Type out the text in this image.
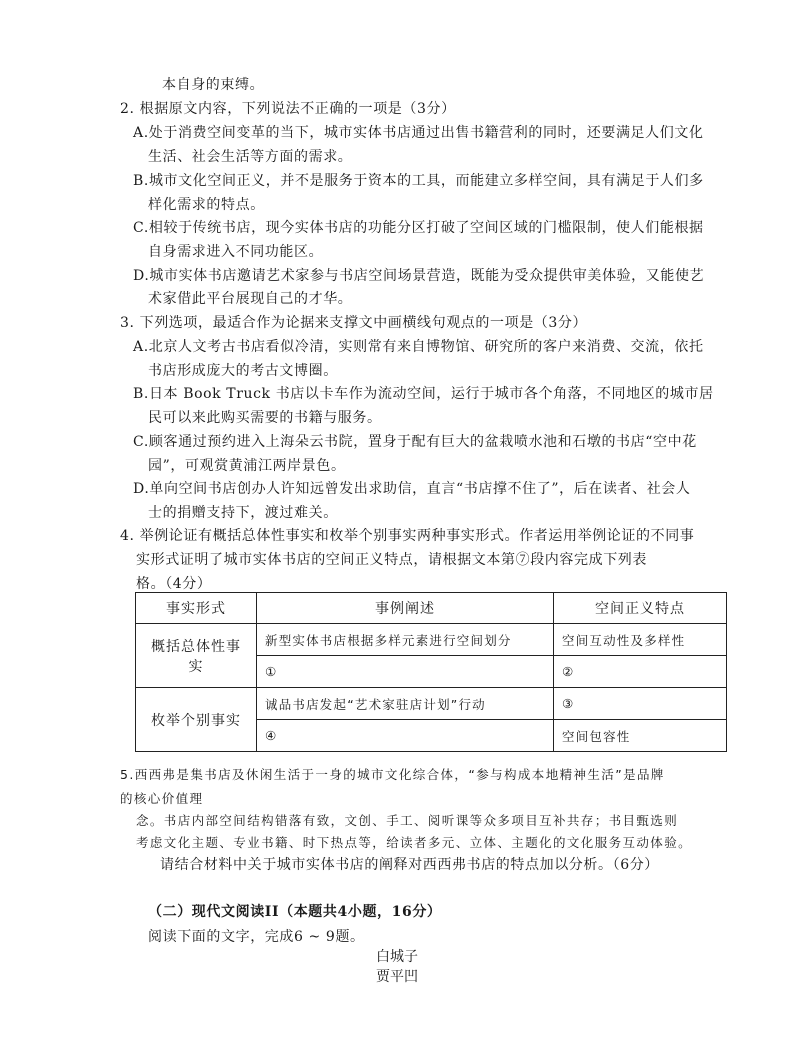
本自身的束缚。
2. 根据原文内容，下列说法不正确的一项是（3分）
A.处于消费空间变革的当下，城市实体书店通过出售书籍营利的同时，还要满足人们文化
生活、社会生活等方面的需求。
B.城市文化空间正义，并不是服务于资本的工具，而能建立多样空间，具有满足于人们多
样化需求的特点。
C.相较于传统书店，现今实体书店的功能分区打破了空间区域的门槛限制，使人们能根据
自身需求进入不同功能区。
D.城市实体书店邀请艺术家参与书店空间场景营造，既能为受众提供审美体验，又能使艺
术家借此平台展现自己的才华。
3. 下列选项，最适合作为论据来支撑文中画横线句观点的一项是（3分）
A.北京人文考古书店看似冷清，实则常有来自博物馆、研究所的客户来消费、交流，依托
书店形成庞大的考古文博圈。
B.日本 Book Truck 书店以卡车作为流动空间，运行于城市各个角落，不同地区的城市居
民可以来此购买需要的书籍与服务。
C.顾客通过预约进入上海朵云书院，置身于配有巨大的盆栽喷水池和石墩的书店“空中花
园”，可观赏黄浦江两岸景色。
D.单向空间书店创办人许知远曾发出求助信，直言“书店撑不住了”，后在读者、社会人
士的捐赠支持下，渡过难关。
4. 举例论证有概括总体性事实和枚举个别事实两种事实形式。作者运用举例论证的不同事
实形式证明了城市实体书店的空间正义特点，请根据文本第⑦段内容完成下列表
格。（4分）
事实形式	事例阐述	空间正义特点
概括总体性事实	新型实体书店根据多样元素进行空间划分	空间互动性及多样性
	①	②
枚举个别事实	诚品书店发起“艺术家驻店计划”行动	③
	④	空间包容性
5.西西弗是集书店及休闲生活于一身的城市文化综合体，“参与构成本地精神生活”是品牌
的核心价值理
念。书店内部空间结构错落有致，文创、手工、阅听课等众多项目互补共存；书目甄选则
考虑文化主题、专业书籍、时下热点等，给读者多元、立体、主题化的文化服务互动体验。
请结合材料中关于城市实体书店的阐释对西西弗书店的特点加以分析。（6分）
（二）现代文阅读II（本题共4小题，16分）
阅读下面的文字，完成6 ~ 9题。
白城子
贾平凹
